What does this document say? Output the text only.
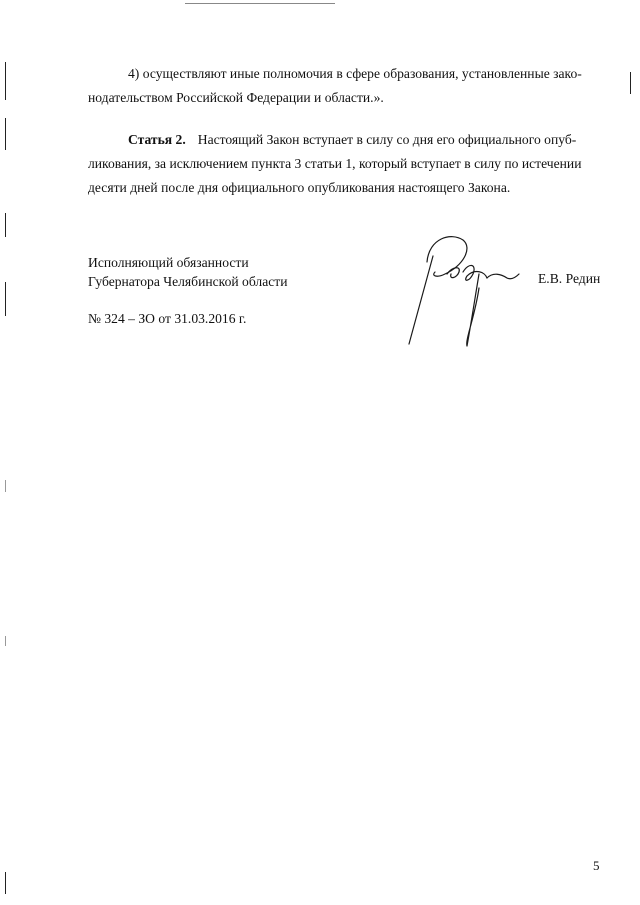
4) осуществляют иные полномочия в сфере образования, установленные зако-
нодательством Российской Федерации и области.».
Статья 2. Настоящий Закон вступает в силу со дня его официального опуб-
ликования, за исключением пункта 3 статьи 1, который вступает в силу по истечении
десяти дней после дня официального опубликования настоящего Закона.
Исполняющий обязанности
Губернатора Челябинской области
№ 324 – ЗО от 31.03.2016 г.
Е.В. Редин
5
